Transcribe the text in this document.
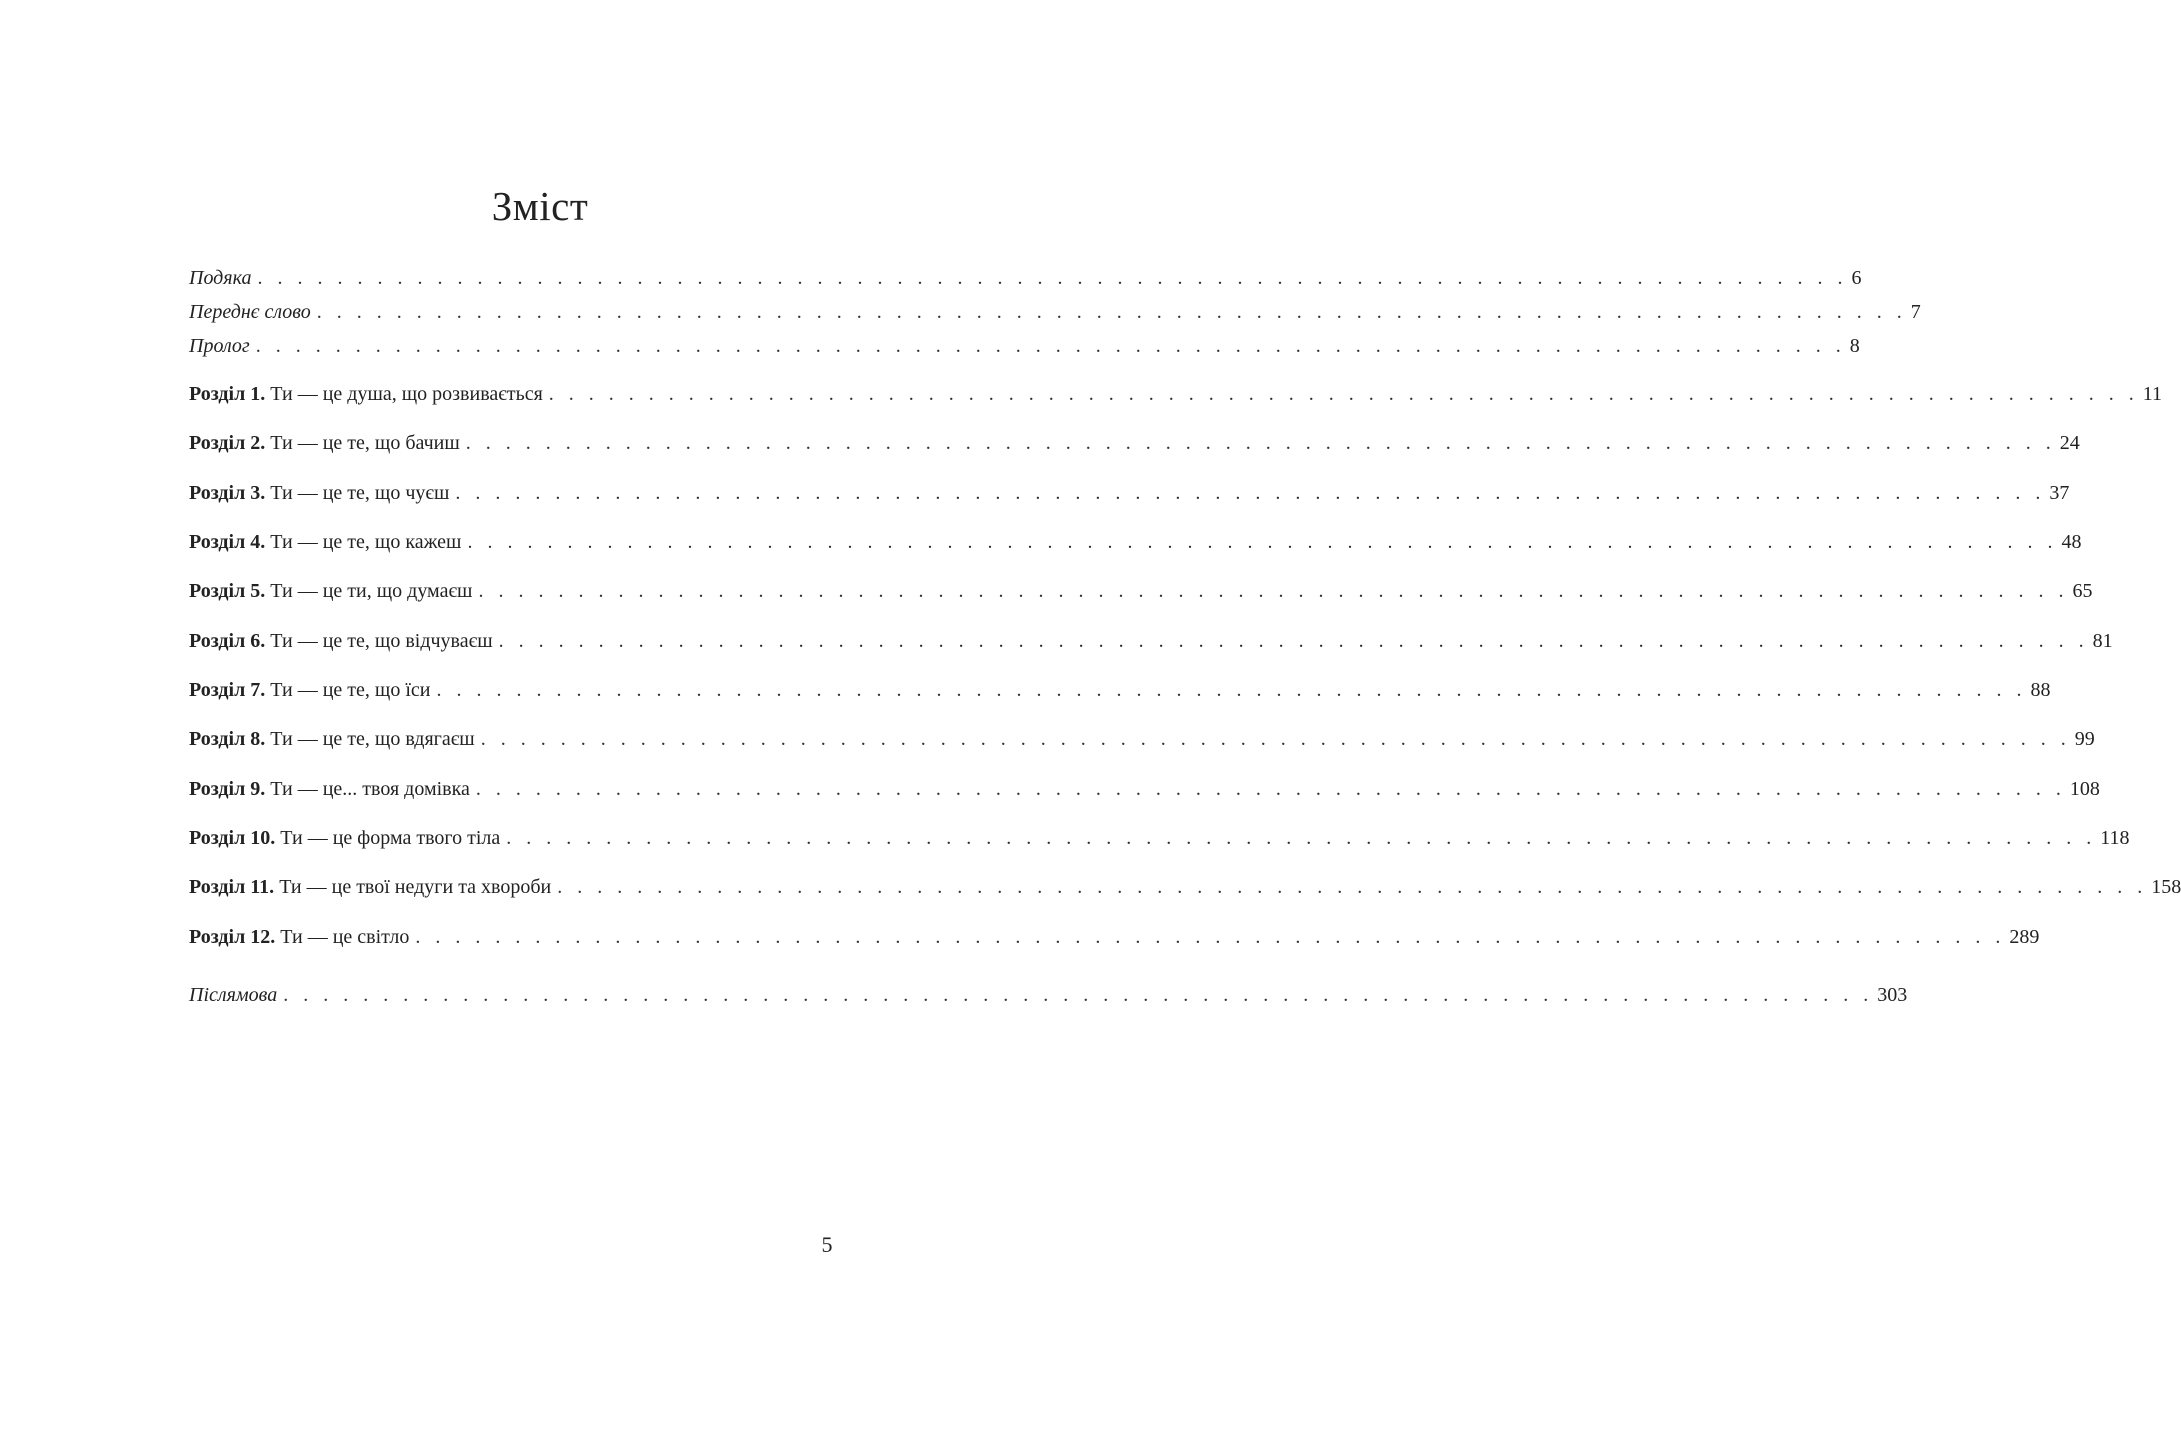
Зміст
Подяка . . . . . . . . . . . . . . . . . . . . . . . . . . . . . . . . . . . . . . . . . . . . . . . . . . . . . . . . . . . . . . . . . . . . . . . . . . . . . . . . 6
Переднє слово . . . . . . . . . . . . . . . . . . . . . . . . . . . . . . . . . . . . . . . . . . . . . . . . . . . . . . . . . . . . . . . . . . . . . . . . . . . . . . . . 7
Пролог . . . . . . . . . . . . . . . . . . . . . . . . . . . . . . . . . . . . . . . . . . . . . . . . . . . . . . . . . . . . . . . . . . . . . . . . . . . . . . . . 8
Розділ 1. Ти — це душа, що розвивається . . . . . . . . . . . . . . . . . . . . . . . . . . . . . . . . . . . . . . . . . . . . . . . . . . . . . . . . . . . . . . . . . . . . . . . . . . . . . . . . 11
Розділ 2. Ти — це те, що бачиш . . . . . . . . . . . . . . . . . . . . . . . . . . . . . . . . . . . . . . . . . . . . . . . . . . . . . . . . . . . . . . . . . . . . . . . . . . . . . . . . 24
Розділ 3. Ти — це те, що чуєш . . . . . . . . . . . . . . . . . . . . . . . . . . . . . . . . . . . . . . . . . . . . . . . . . . . . . . . . . . . . . . . . . . . . . . . . . . . . . . . . 37
Розділ 4. Ти — це те, що кажеш . . . . . . . . . . . . . . . . . . . . . . . . . . . . . . . . . . . . . . . . . . . . . . . . . . . . . . . . . . . . . . . . . . . . . . . . . . . . . . . . 48
Розділ 5. Ти — це ти, що думаєш . . . . . . . . . . . . . . . . . . . . . . . . . . . . . . . . . . . . . . . . . . . . . . . . . . . . . . . . . . . . . . . . . . . . . . . . . . . . . . . . 65
Розділ 6. Ти — це те, що відчуваєш . . . . . . . . . . . . . . . . . . . . . . . . . . . . . . . . . . . . . . . . . . . . . . . . . . . . . . . . . . . . . . . . . . . . . . . . . . . . . . . . 81
Розділ 7. Ти — це те, що їси . . . . . . . . . . . . . . . . . . . . . . . . . . . . . . . . . . . . . . . . . . . . . . . . . . . . . . . . . . . . . . . . . . . . . . . . . . . . . . . . 88
Розділ 8. Ти — це те, що вдягаєш . . . . . . . . . . . . . . . . . . . . . . . . . . . . . . . . . . . . . . . . . . . . . . . . . . . . . . . . . . . . . . . . . . . . . . . . . . . . . . . . 99
Розділ 9. Ти — це... твоя домівка . . . . . . . . . . . . . . . . . . . . . . . . . . . . . . . . . . . . . . . . . . . . . . . . . . . . . . . . . . . . . . . . . . . . . . . . . . . . . . . . 108
Розділ 10. Ти — це форма твого тіла . . . . . . . . . . . . . . . . . . . . . . . . . . . . . . . . . . . . . . . . . . . . . . . . . . . . . . . . . . . . . . . . . . . . . . . . . . . . . . . . 118
Розділ 11. Ти — це твої недуги та хвороби . . . . . . . . . . . . . . . . . . . . . . . . . . . . . . . . . . . . . . . . . . . . . . . . . . . . . . . . . . . . . . . . . . . . . . . . . . . . . . . . 158
Розділ 12. Ти — це світло . . . . . . . . . . . . . . . . . . . . . . . . . . . . . . . . . . . . . . . . . . . . . . . . . . . . . . . . . . . . . . . . . . . . . . . . . . . . . . . . 289
Післямова . . . . . . . . . . . . . . . . . . . . . . . . . . . . . . . . . . . . . . . . . . . . . . . . . . . . . . . . . . . . . . . . . . . . . . . . . . . . . . . . 303
5
